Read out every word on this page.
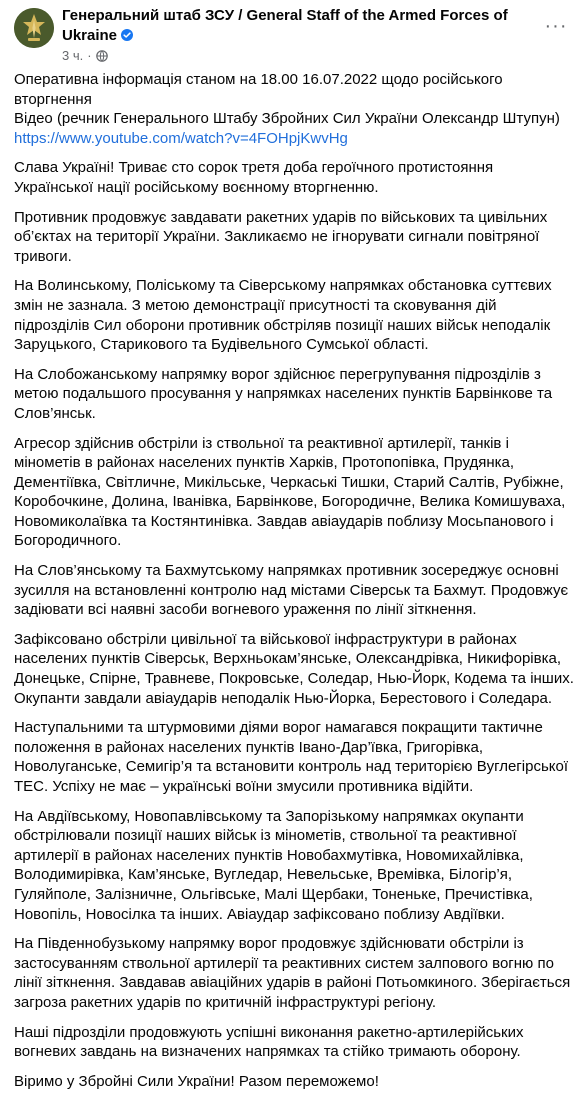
Генеральний штаб ЗСУ / General Staff of the Armed Forces of Ukraine
3 ч. ·
···

Оперативна інформація станом на 18.00 16.07.2022 щодо російського вторгнення
Відео (речник Генерального Штабу Збройних Сил України Олександр Штупун)
https://www.youtube.com/watch?v=4FOHpjKwvHg

Слава Україні! Триває сто сорок третя доба героїчного протистояння Української нації російському воєнному вторгненню.

Противник продовжує завдавати ракетних ударів по військових та цивільних об’єктах на території України. Закликаємо не ігнорувати сигнали повітряної тривоги.

На Волинському, Поліському та Сіверському напрямках обстановка суттєвих змін не зазнала. З метою демонстрації присутності та сковування дій підрозділів Сил оборони противник обстріляв позиції наших військ неподалік Заруцького, Старикового та Будівельного Сумської області.

На Слобожанському напрямку ворог здійснює перегрупування підрозділів з метою подальшого просування у напрямках населених пунктів Барвінкове та Слов’янськ.

Агресор здійснив обстріли із ствольної та реактивної артилерії, танків і мінометів в районах населених пунктів Харків, Протопопівка, Прудянка, Дементіївка, Світличне, Микільське, Черкаські Тишки, Старий Салтів, Рубіжне, Коробочкине, Долина, Іванівка, Барвінкове, Богородичне, Велика Комишуваха, Новомиколаївка та Костянтинівка. Завдав авіаударів поблизу Мосьпанового і Богородичного.

На Слов’янському та Бахмутському напрямках противник зосереджує основні зусилля на встановленні контролю над містами Сіверськ та Бахмут. Продовжує задіювати всі наявні засоби вогневого ураження по лінії зіткнення.

Зафіксовано обстріли цивільної та військової інфраструктури в районах населених пунктів Сіверськ, Верхньокам’янське, Олександрівка, Никифорівка, Донецьке, Спірне, Травневе, Покровське, Соледар, Нью-Йорк, Кодема та інших. Окупанти завдали авіаударів неподалік Нью-Йорка, Берестового і Соледара.

Наступальними та штурмовими діями ворог намагався покращити тактичне положення в районах населених пунктів Івано-Дар’ївка, Григорівка, Новолуганське, Семигір’я та встановити контроль над територією Вуглегірської ТЕС. Успіху не має – українські воїни змусили противника відійти.

На Авдіївському, Новопавлівському та Запорізькому напрямках окупанти обстрілювали позиції наших військ із мінометів, ствольної та реактивної артилерії в районах населених пунктів Новобахмутівка, Новомихайлівка, Володимирівка, Кам’янське, Вугледар, Невельське, Времівка, Білогір’я, Гуляйполе, Залізничне, Ольгівське, Малі Щербаки, Тоненьке, Пречистівка, Новопіль, Новосілка та інших. Авіаудар зафіксовано поблизу Авдіївки.

На Південнобузькому напрямку ворог продовжує здійснювати обстріли із застосуванням ствольної артилерії та реактивних систем залпового вогню по лінії зіткнення. Завдавав авіаційних ударів в районі Потьомкиного. Зберігається загроза ракетних ударів по критичній інфраструктурі регіону.

Наші підрозділи продовжують успішні виконання ракетно-артилерійських вогневих завдань на визначених напрямках та стійко тримають оборону.

Віримо у Збройні Сили України! Разом переможемо!
